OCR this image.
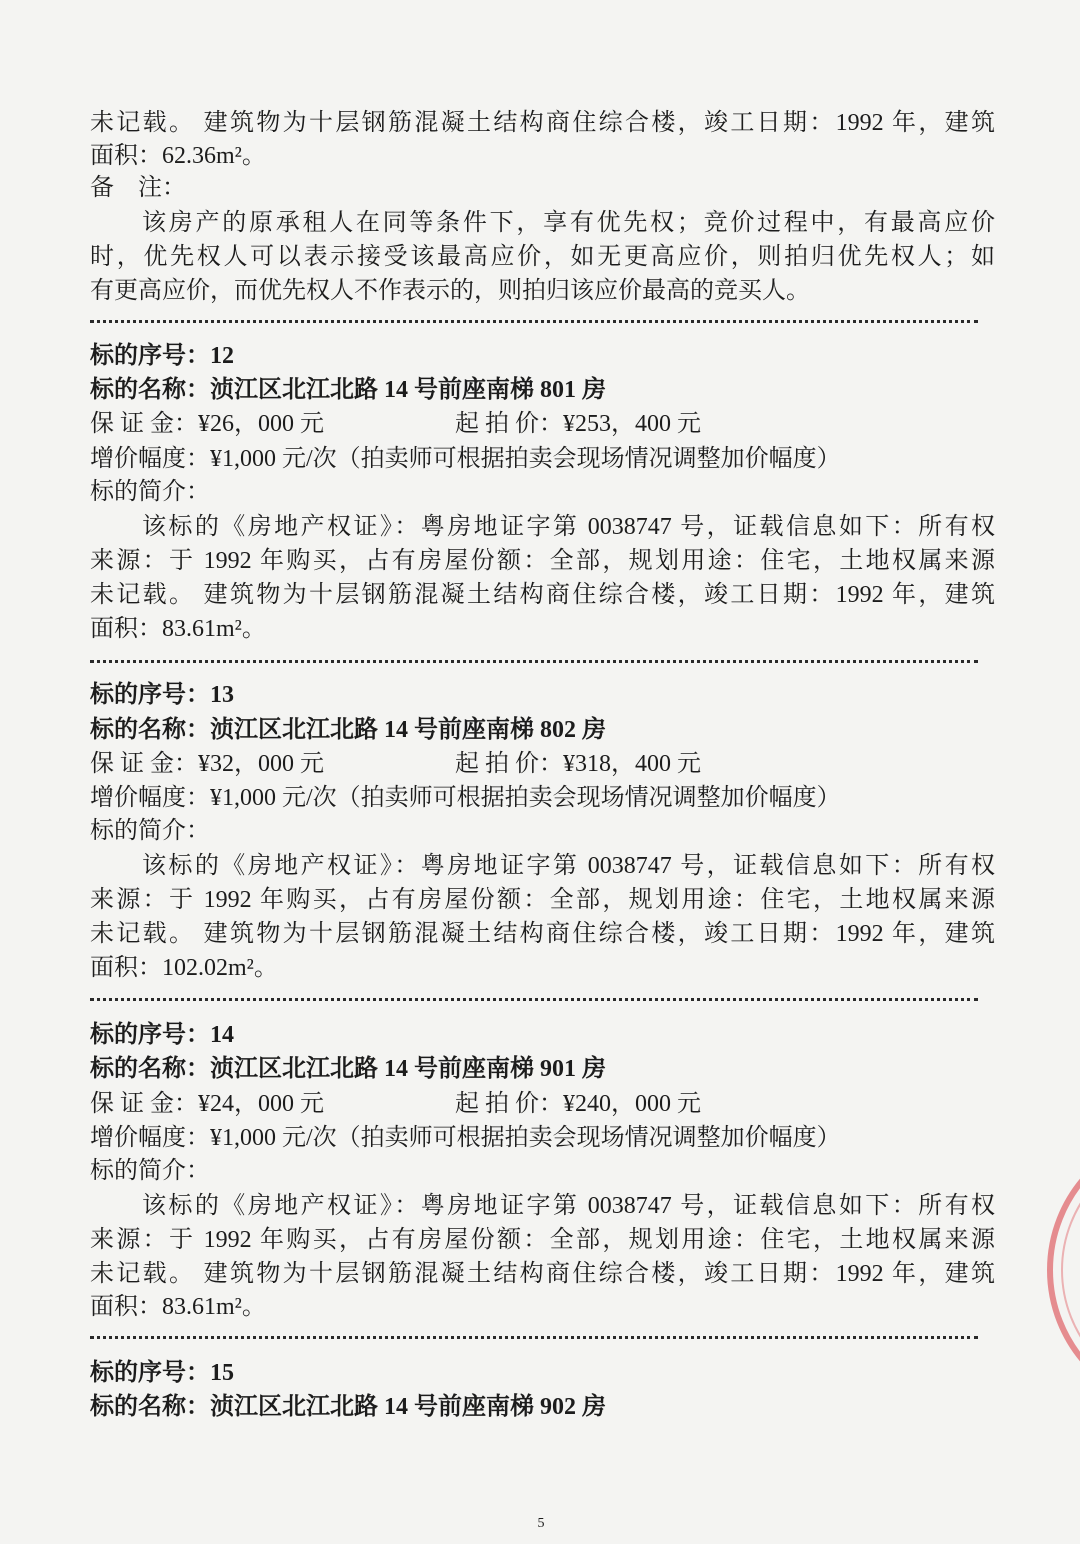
未记载。 建筑物为十层钢筋混凝土结构商住综合楼，竣工日期：1992 年，建筑
面积：62.36m²。
备　注：
该房产的原承租人在同等条件下，享有优先权；竞价过程中，有最高应价
时，优先权人可以表示接受该最高应价，如无更高应价，则拍归优先权人；如
有更高应价，而优先权人不作表示的，则拍归该应价最高的竞买人。
标的序号：12
标的名称：浈江区北江北路 14 号前座南梯 801 房
保 证 金：¥26，000 元	起 拍 价：¥253，400 元
增价幅度：¥1,000 元/次（拍卖师可根据拍卖会现场情况调整加价幅度）
标的简介：
该标的《房地产权证》：粤房地证字第 0038747 号，证载信息如下：所有权
来源：于 1992 年购买，占有房屋份额：全部，规划用途：住宅，土地权属来源
未记载。 建筑物为十层钢筋混凝土结构商住综合楼，竣工日期：1992 年，建筑
面积：83.61m²。
标的序号：13
标的名称：浈江区北江北路 14 号前座南梯 802 房
保 证 金：¥32，000 元	起 拍 价：¥318，400 元
增价幅度：¥1,000 元/次（拍卖师可根据拍卖会现场情况调整加价幅度）
标的简介：
该标的《房地产权证》：粤房地证字第 0038747 号，证载信息如下：所有权
来源：于 1992 年购买，占有房屋份额：全部，规划用途：住宅，土地权属来源
未记载。 建筑物为十层钢筋混凝土结构商住综合楼，竣工日期：1992 年，建筑
面积：102.02m²。
标的序号：14
标的名称：浈江区北江北路 14 号前座南梯 901 房
保 证 金：¥24，000 元	起 拍 价：¥240，000 元
增价幅度：¥1,000 元/次（拍卖师可根据拍卖会现场情况调整加价幅度）
标的简介：
该标的《房地产权证》：粤房地证字第 0038747 号，证载信息如下：所有权
来源：于 1992 年购买，占有房屋份额：全部，规划用途：住宅，土地权属来源
未记载。 建筑物为十层钢筋混凝土结构商住综合楼，竣工日期：1992 年，建筑
面积：83.61m²。
标的序号：15
标的名称：浈江区北江北路 14 号前座南梯 902 房
5
